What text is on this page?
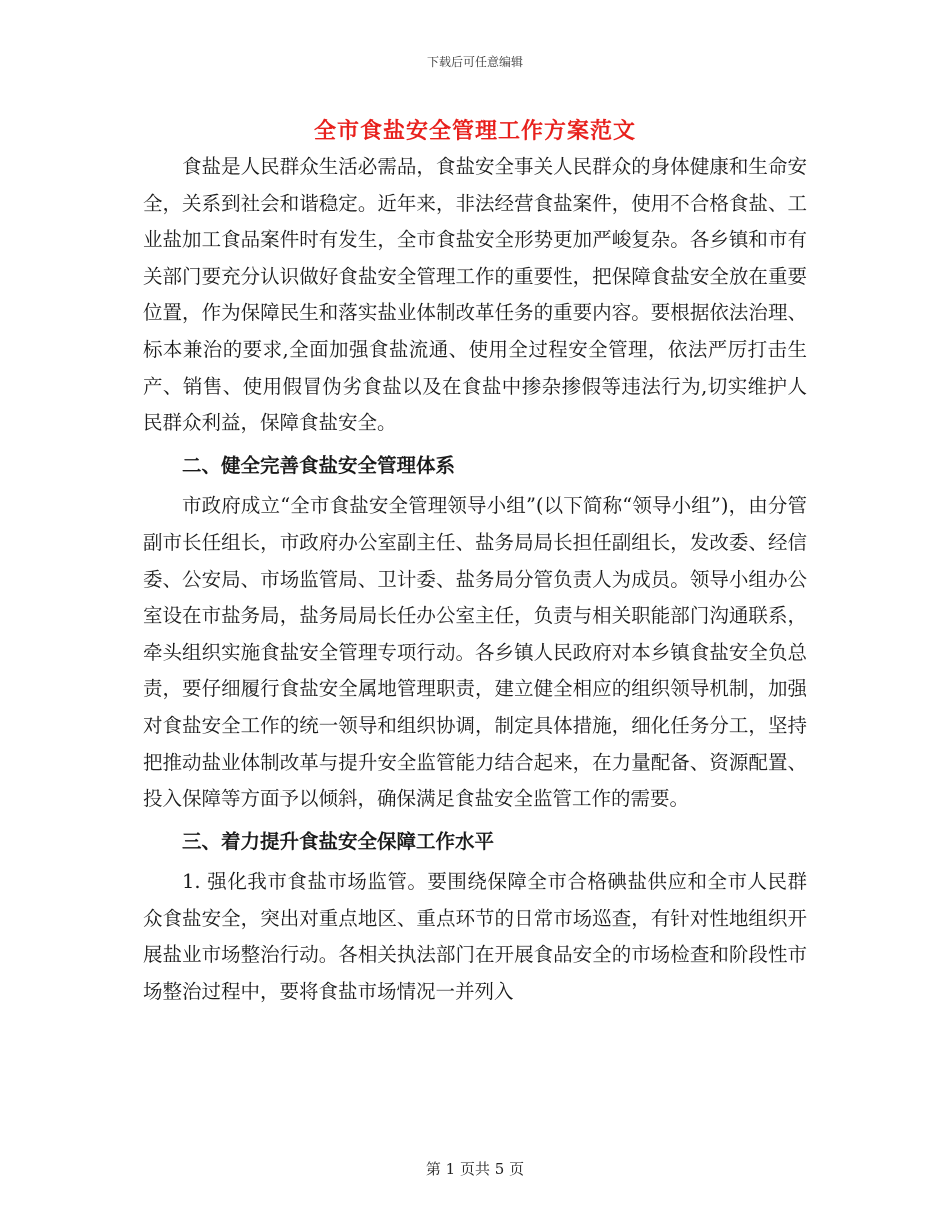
下载后可任意编辑
全市食盐安全管理工作方案范文

食盐是人民群众生活必需品，食盐安全事关人民群众的身体健康和生命安全，关系到社会和谐稳定。近年来，非法经营食盐案件，使用不合格食盐、工业盐加工食品案件时有发生，全市食盐安全形势更加严峻复杂。各乡镇和市有关部门要充分认识做好食盐安全管理工作的重要性，把保障食盐安全放在重要位置，作为保障民生和落实盐业体制改革任务的重要内容。要根据依法治理、标本兼治的要求,全面加强食盐流通、使用全过程安全管理，依法严厉打击生产、销售、使用假冒伪劣食盐以及在食盐中掺杂掺假等违法行为,切实维护人民群众利益，保障食盐安全。

二、健全完善食盐安全管理体系

市政府成立“全市食盐安全管理领导小组”(以下简称“领导小组”)，由分管副市长任组长，市政府办公室副主任、盐务局局长担任副组长，发改委、经信委、公安局、市场监管局、卫计委、盐务局分管负责人为成员。领导小组办公室设在市盐务局，盐务局局长任办公室主任，负责与相关职能部门沟通联系，牵头组织实施食盐安全管理专项行动。各乡镇人民政府对本乡镇食盐安全负总责，要仔细履行食盐安全属地管理职责，建立健全相应的组织领导机制，加强对食盐安全工作的统一领导和组织协调，制定具体措施，细化任务分工，坚持把推动盐业体制改革与提升安全监管能力结合起来，在力量配备、资源配置、投入保障等方面予以倾斜，确保满足食盐安全监管工作的需要。

三、着力提升食盐安全保障工作水平

1. 强化我市食盐市场监管。要围绕保障全市合格碘盐供应和全市人民群众食盐安全，突出对重点地区、重点环节的日常市场巡查，有针对性地组织开展盐业市场整治行动。各相关执法部门在开展食品安全的市场检查和阶段性市场整治过程中，要将食盐市场情况一并列入

第 1 页共 5 页
